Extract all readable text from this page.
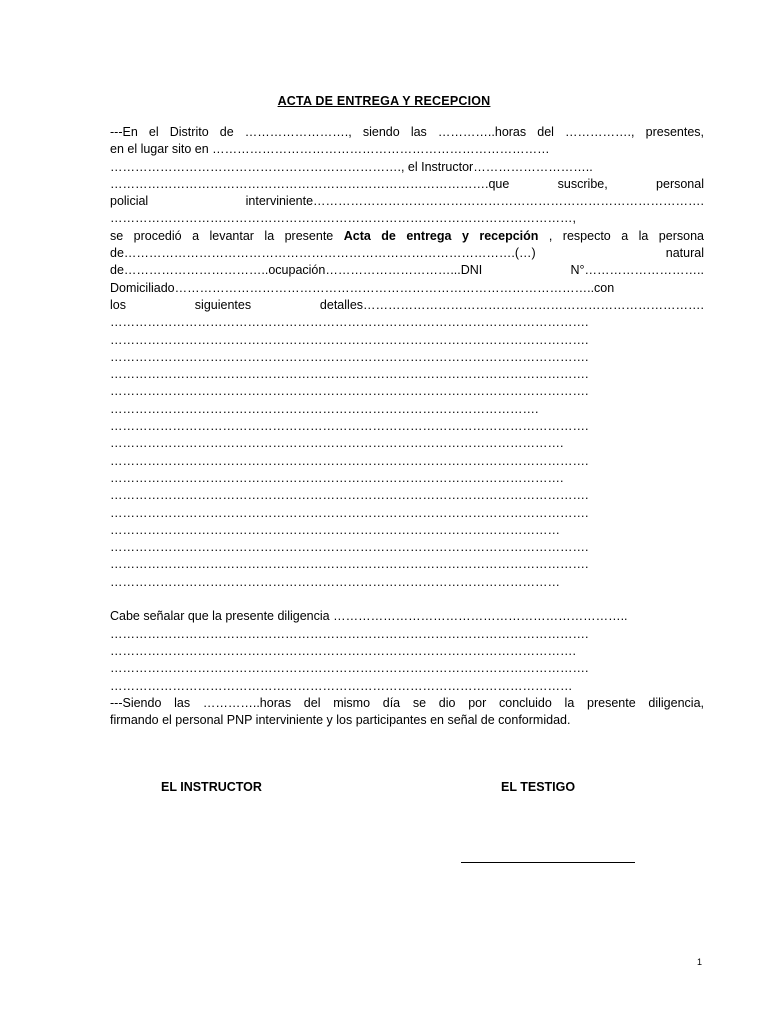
ACTA DE ENTREGA Y RECEPCION
---En el Distrito de ……………………., siendo las …………..horas del ……………., presentes,
en el lugar sito en ………………………………………………………………………
……………………………………………………………., el Instructor………………………..
……………………………………………………………………………….que suscribe, personal
policial interviniente………………………………………………………………………………….
…………………………………………………………………………………………………,
se procedió a levantar la presente Acta de entrega y recepción , respecto a la persona
de………………………………………………………………………………….(…) natural
de……………………………..ocupación…………………………...DNI N°………………………..
Domiciliado………………………………………………………………………………………..con
los siguientes detalles……………………………………………………………………….
…………………………………………………………………………………………………….
…………………………………………………………………………………………………….
…………………………………………………………………………………………………….
…………………………………………………………………………………………………….
…………………………………………………………………………………………………….
………………………………………………………………………………………….
…………………………………………………………………………………………………….
……………………………………………………………………………………………….
…………………………………………………………………………………………………….
……………………………………………………………………………………………….
…………………………………………………………………………………………………….
…………………………………………………………………………………………………….
………………………………………………………………………………………………
…………………………………………………………………………………………………….
…………………………………………………………………………………………………….
………………………………………………………………………………………………
Cabe señalar que la presente diligencia ……………………………………………………………..
…………………………………………………………………………………………………….
………………………………………………………………………………………………….
…………………………………………………………………………………………………….
…………………………………………………………………………………………………
---Siendo las …………..horas del mismo día se dio por concluido la presente diligencia,
firmando el personal PNP interviniente y los participantes en señal de conformidad.
EL INSTRUCTOR	EL TESTIGO
1
